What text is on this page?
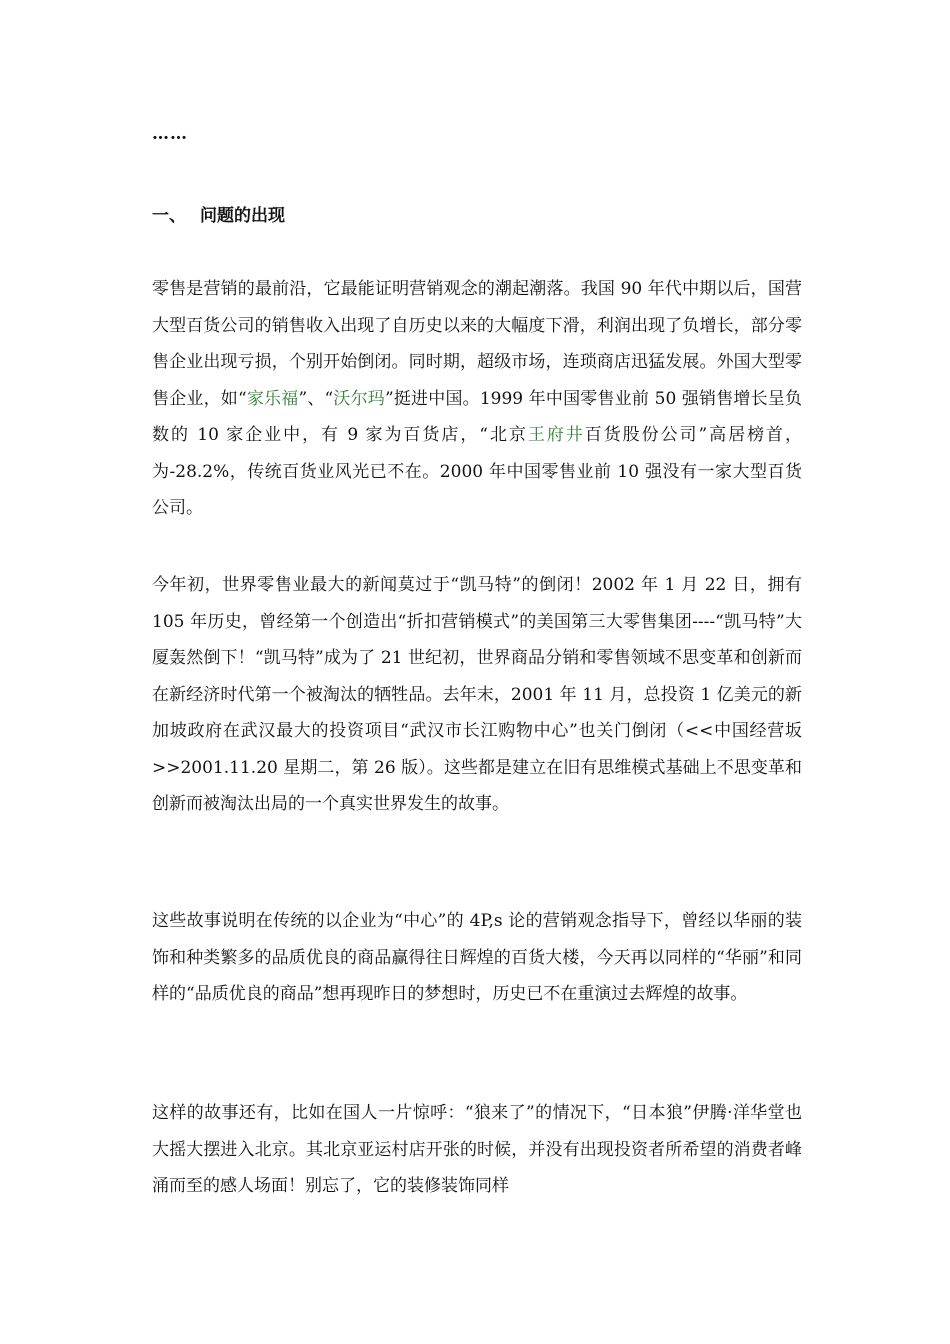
……
一、 问题的出现

零售是营销的最前沿，它最能证明营销观念的潮起潮落。我国 90 年代中期以后，国营大型百货公司的销售收入出现了自历史以来的大幅度下滑，利润出现了负增长，部分零售企业出现亏损，个别开始倒闭。同时期，超级市场，连琐商店迅猛发展。外国大型零售企业，如“家乐福”、“沃尔玛”挺进中国。1999 年中国零售业前 50 强销售增长呈负数的 10 家企业中，有 9 家为百货店，“北京王府井百货股份公司”高居榜首，为-28.2%，传统百货业风光已不在。2000 年中国零售业前 10 强没有一家大型百货公司。

今年初，世界零售业最大的新闻莫过于“凯马特”的倒闭！2002 年 1 月 22 日，拥有 105 年历史，曾经第一个创造出“折扣营销模式”的美国第三大零售集团----“凯马特”大厦轰然倒下！“凯马特”成为了 21 世纪初，世界商品分销和零售领域不思变革和创新而在新经济时代第一个被淘汰的牺牲品。去年末，2001 年 11 月，总投资 1 亿美元的新加坡政府在武汉最大的投资项目“武汉市长江购物中心”也关门倒闭（<<中国经营坂>>2001.11.20 星期二，第 26 版）。这些都是建立在旧有思维模式基础上不思变革和创新而被淘汰出局的一个真实世界发生的故事。

这些故事说明在传统的以企业为“中心”的 4P,s 论的营销观念指导下，曾经以华丽的装饰和种类繁多的品质优良的商品赢得往日辉煌的百货大楼，今天再以同样的“华丽”和同样的“品质优良的商品”想再现昨日的梦想时，历史已不在重演过去辉煌的故事。

这样的故事还有，比如在国人一片惊呼：“狼来了”的情况下，“日本狼”伊腾·洋华堂也大摇大摆进入北京。其北京亚运村店开张的时候，并没有出现投资者所希望的消费者峰涌而至的感人场面！别忘了，它的装修装饰同样
